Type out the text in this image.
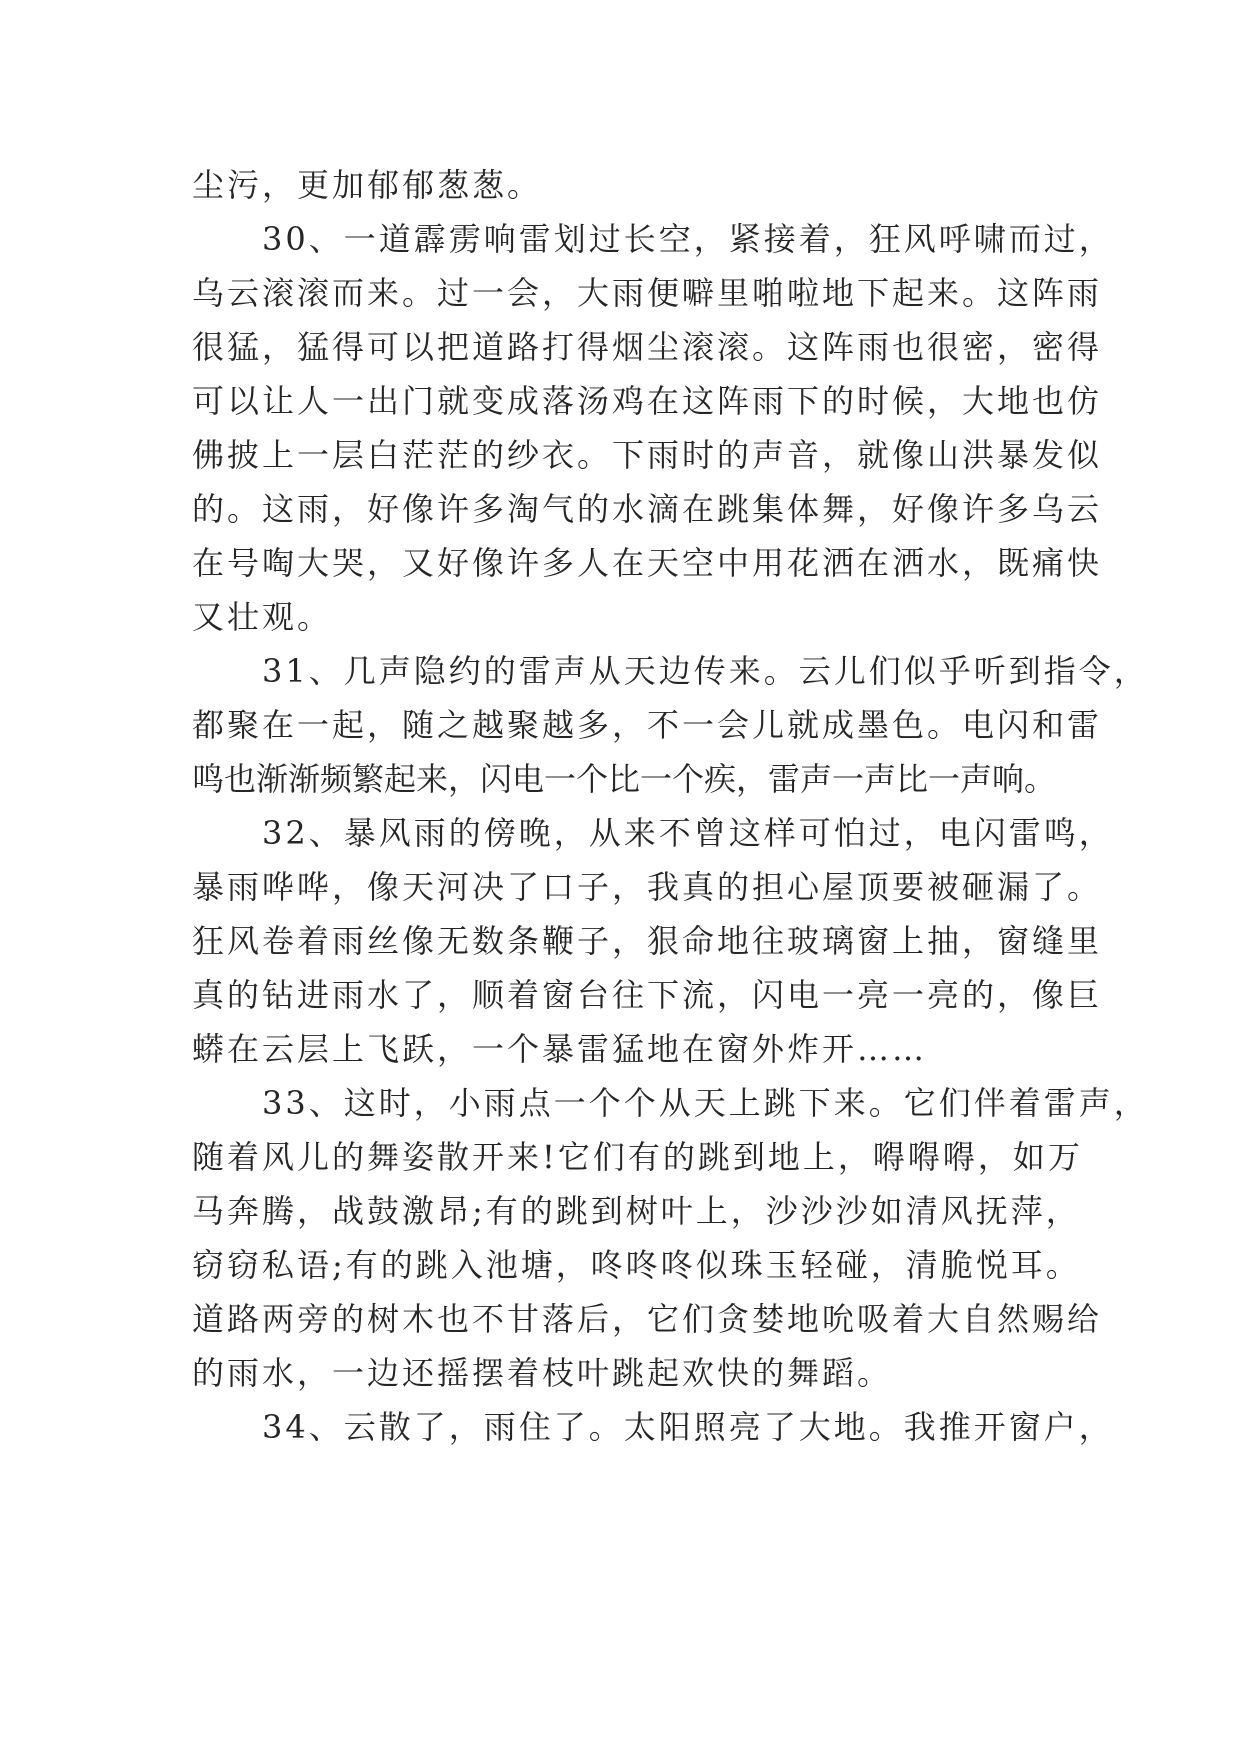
尘污，更加郁郁葱葱。
　　30、一道霹雳响雷划过长空，紧接着，狂风呼啸而过，
乌云滚滚而来。过一会，大雨便噼里啪啦地下起来。这阵雨
很猛，猛得可以把道路打得烟尘滚滚。这阵雨也很密，密得
可以让人一出门就变成落汤鸡在这阵雨下的时候，大地也仿
佛披上一层白茫茫的纱衣。下雨时的声音，就像山洪暴发似
的。这雨，好像许多淘气的水滴在跳集体舞，好像许多乌云
在号啕大哭，又好像许多人在天空中用花洒在洒水，既痛快
又壮观。
　　31、几声隐约的雷声从天边传来。云儿们似乎听到指令，
都聚在一起，随之越聚越多，不一会儿就成墨色。电闪和雷
鸣也渐渐频繁起来，闪电一个比一个疾，雷声一声比一声响。
　　32、暴风雨的傍晚，从来不曾这样可怕过，电闪雷鸣，
暴雨哗哗，像天河决了口子，我真的担心屋顶要被砸漏了。
狂风卷着雨丝像无数条鞭子，狠命地往玻璃窗上抽，窗缝里
真的钻进雨水了，顺着窗台往下流，闪电一亮一亮的，像巨
蟒在云层上飞跃，一个暴雷猛地在窗外炸开……
　　33、这时，小雨点一个个从天上跳下来。它们伴着雷声，
随着风儿的舞姿散开来!它们有的跳到地上，嘚嘚嘚，如万
马奔腾，战鼓激昂;有的跳到树叶上，沙沙沙如清风抚萍，
窃窃私语;有的跳入池塘，咚咚咚似珠玉轻碰，清脆悦耳。
道路两旁的树木也不甘落后，它们贪婪地吮吸着大自然赐给
的雨水，一边还摇摆着枝叶跳起欢快的舞蹈。
　　34、云散了，雨住了。太阳照亮了大地。我推开窗户，
